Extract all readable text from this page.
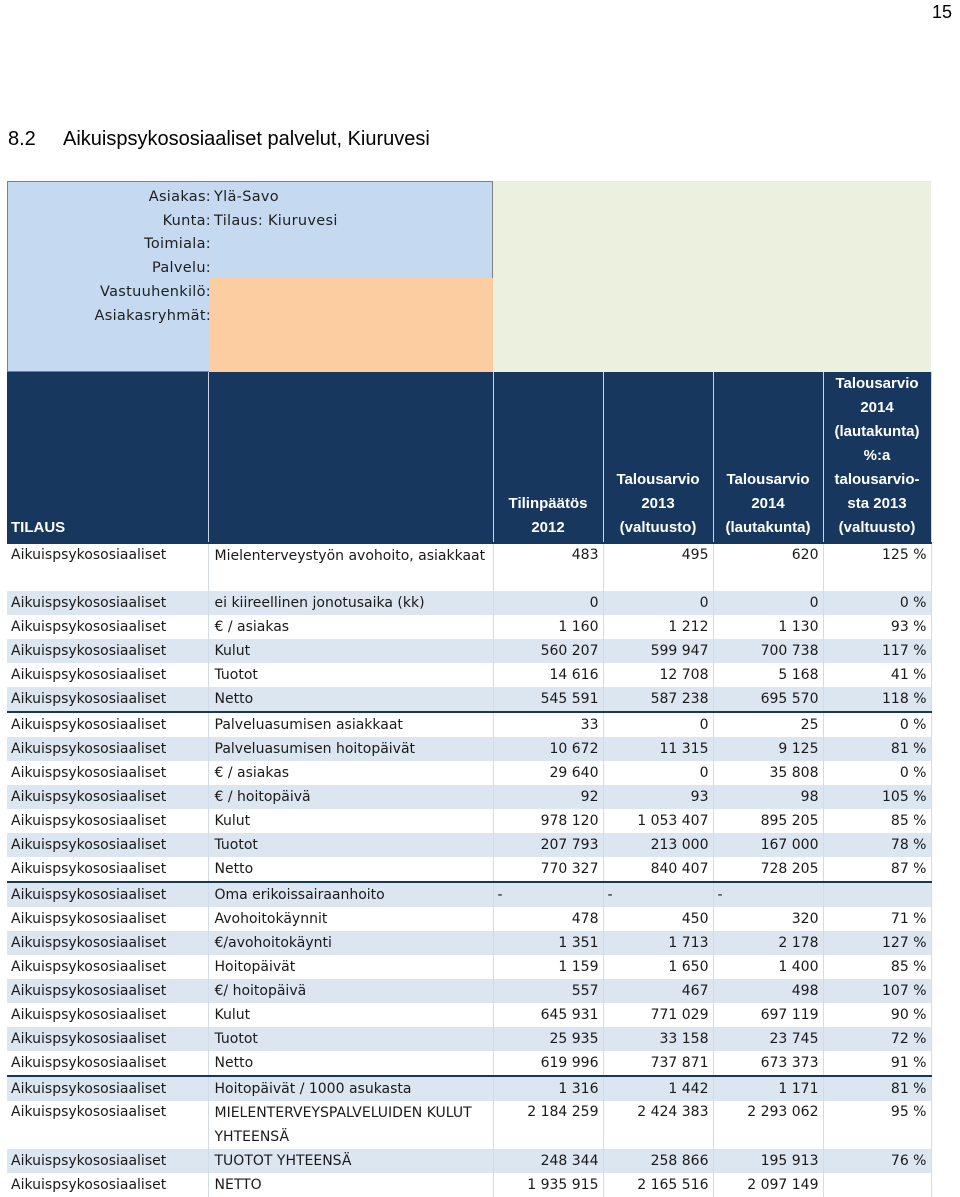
15
8.2 Aikuispsykososiaaliset palvelut, Kiuruvesi
Asiakas: Ylä-Savo
Kunta: Tilaus: Kiuruvesi
Toimiala:
Palvelu:
Vastuuhenkilö:
Asiakasryhmät:
TILAUS		Tilinpäätös 2012	Talousarvio 2013 (valtuusto)	Talousarvio 2014 (lautakunta)	Talousarvio 2014 (lautakunta) %:a talousarvio-sta 2013 (valtuusto)
Aikuispsykososiaaliset	Mielenterveystyön avohoito, asiakkaat	483	495	620	125 %
Aikuispsykososiaaliset	ei kiireellinen jonotusaika (kk)	0	0	0	0 %
Aikuispsykososiaaliset	€ / asiakas	1 160	1 212	1 130	93 %
Aikuispsykososiaaliset	Kulut	560 207	599 947	700 738	117 %
Aikuispsykososiaaliset	Tuotot	14 616	12 708	5 168	41 %
Aikuispsykososiaaliset	Netto	545 591	587 238	695 570	118 %
Aikuispsykososiaaliset	Palveluasumisen asiakkaat	33	0	25	0 %
Aikuispsykososiaaliset	Palveluasumisen hoitopäivät	10 672	11 315	9 125	81 %
Aikuispsykososiaaliset	€ / asiakas	29 640	0	35 808	0 %
Aikuispsykososiaaliset	€ / hoitopäivä	92	93	98	105 %
Aikuispsykososiaaliset	Kulut	978 120	1 053 407	895 205	85 %
Aikuispsykososiaaliset	Tuotot	207 793	213 000	167 000	78 %
Aikuispsykososiaaliset	Netto	770 327	840 407	728 205	87 %
Aikuispsykososiaaliset	Oma erikoissairaanhoito	-	-	-	
Aikuispsykososiaaliset	Avohoitokäynnit	478	450	320	71 %
Aikuispsykososiaaliset	€/avohoitokäynti	1 351	1 713	2 178	127 %
Aikuispsykososiaaliset	Hoitopäivät	1 159	1 650	1 400	85 %
Aikuispsykososiaaliset	€/ hoitopäivä	557	467	498	107 %
Aikuispsykososiaaliset	Kulut	645 931	771 029	697 119	90 %
Aikuispsykososiaaliset	Tuotot	25 935	33 158	23 745	72 %
Aikuispsykososiaaliset	Netto	619 996	737 871	673 373	91 %
Aikuispsykososiaaliset	Hoitopäivät / 1000 asukasta	1 316	1 442	1 171	81 %
Aikuispsykososiaaliset	MIELENTERVEYSPALVELUIDEN KULUT YHTEENSÄ	2 184 259	2 424 383	2 293 062	95 %
Aikuispsykososiaaliset	TUOTOT YHTEENSÄ	248 344	258 866	195 913	76 %
Aikuispsykososiaaliset	NETTO	1 935 915	2 165 516	2 097 149	
